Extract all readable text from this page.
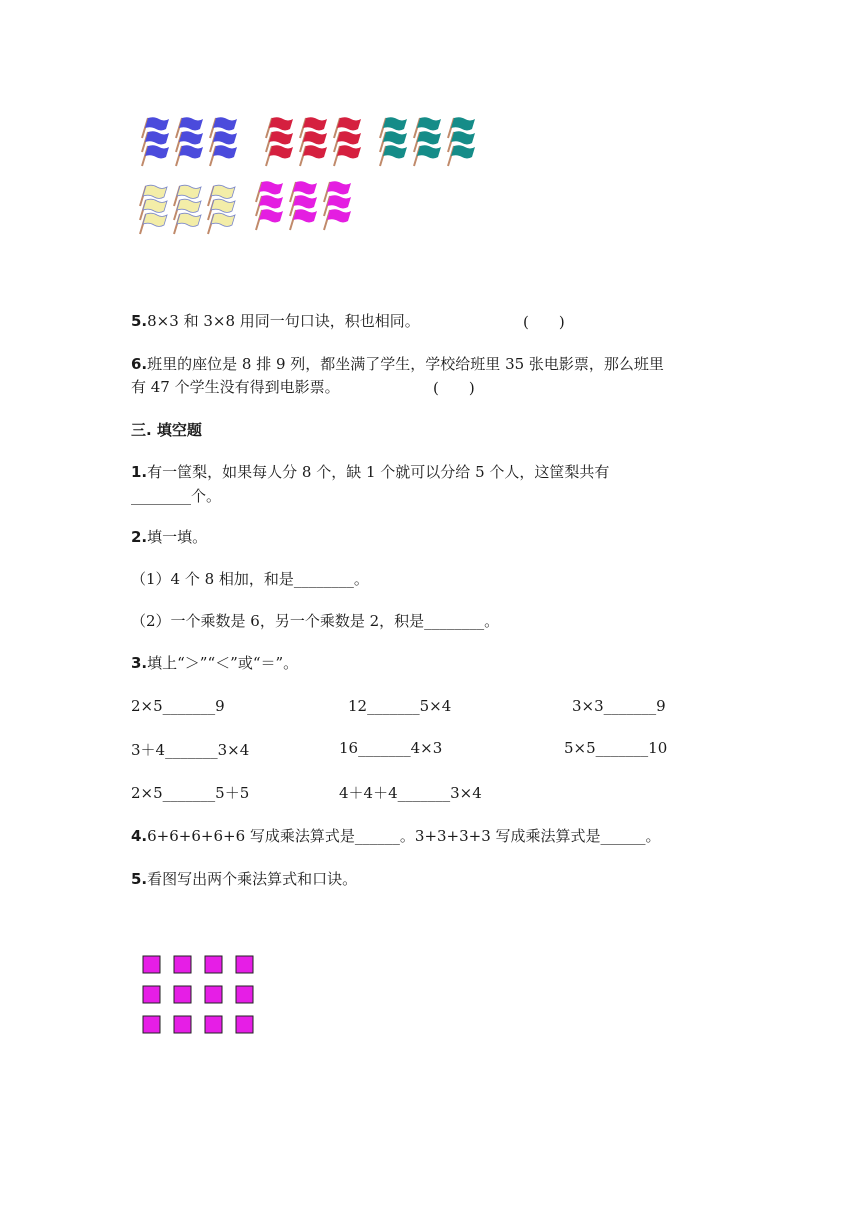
5.8×3 和 3×8 用同一句口诀，积也相同。	(　　)
6.班里的座位是 8 排 9 列，都坐满了学生，学校给班里 35 张电影票，那么班里
有 47 个学生没有得到电影票。	(　　)
三. 填空题
1.有一筐梨，如果每人分 8 个，缺 1 个就可以分给 5 个人，这筐梨共有
________个。
2.填一填。
（1）4 个 8 相加，和是________。
（2）一个乘数是 6，另一个乘数是 2，积是________。
3.填上“＞”“＜”或“＝”。
2×5_______9	12_______5×4	3×3_______9
3＋4_______3×4	16_______4×3	5×5_______10
2×5_______5＋5	4＋4＋4_______3×4
4.6+6+6+6+6 写成乘法算式是______。3+3+3+3 写成乘法算式是______。
5.看图写出两个乘法算式和口诀。
